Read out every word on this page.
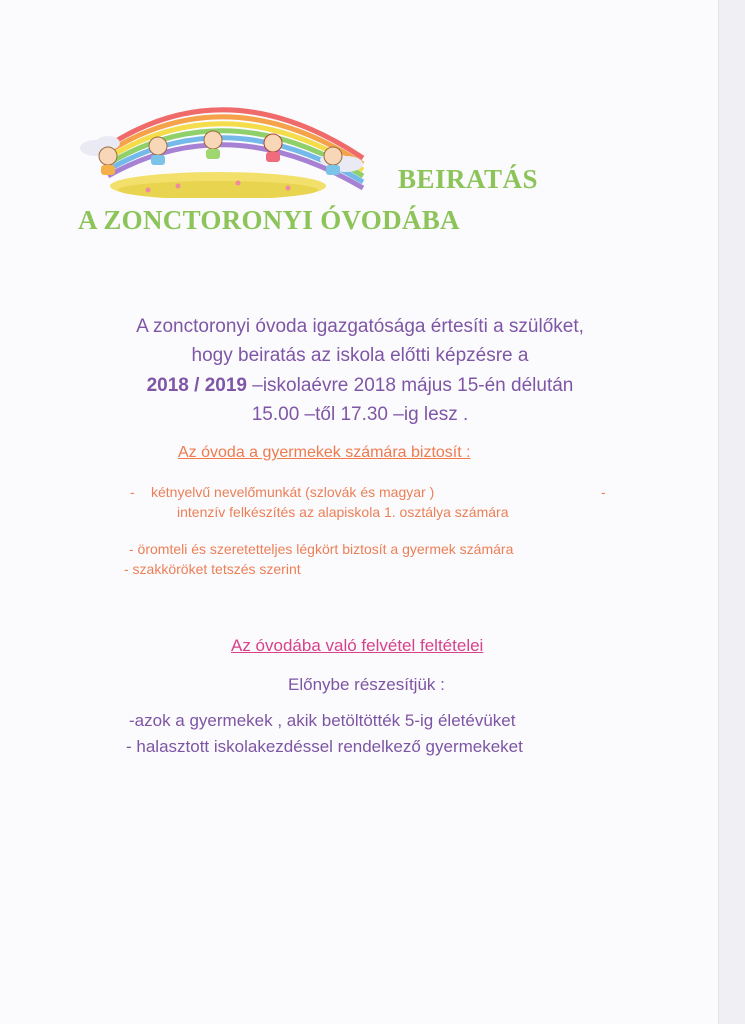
BEIRATÁS
A ZONCTORONYI ÓVODÁBA
A zonctoronyi óvoda igazgatósága értesíti a szülőket,
hogy beiratás az iskola előtti képzésre a
2018 / 2019 –iskolaévre 2018 május 15-én délután
15.00 –től 17.30 –ig lesz .
Az óvoda a gyermekek számára biztosít :
- kétnyelvű nevelőmunkát (szlovák és magyar )	-
intenzív felkészítés az alapiskola 1. osztálya számára
- öromteli és szeretetteljes légkört biztosít a gyermek számára
- szakköröket tetszés szerint
Az óvodába való felvétel feltételei
Előnybe részesítjük :
-azok a gyermekek , akik betöltötték 5-ig életévüket
- halasztott iskolakezdéssel rendelkező gyermekeket
